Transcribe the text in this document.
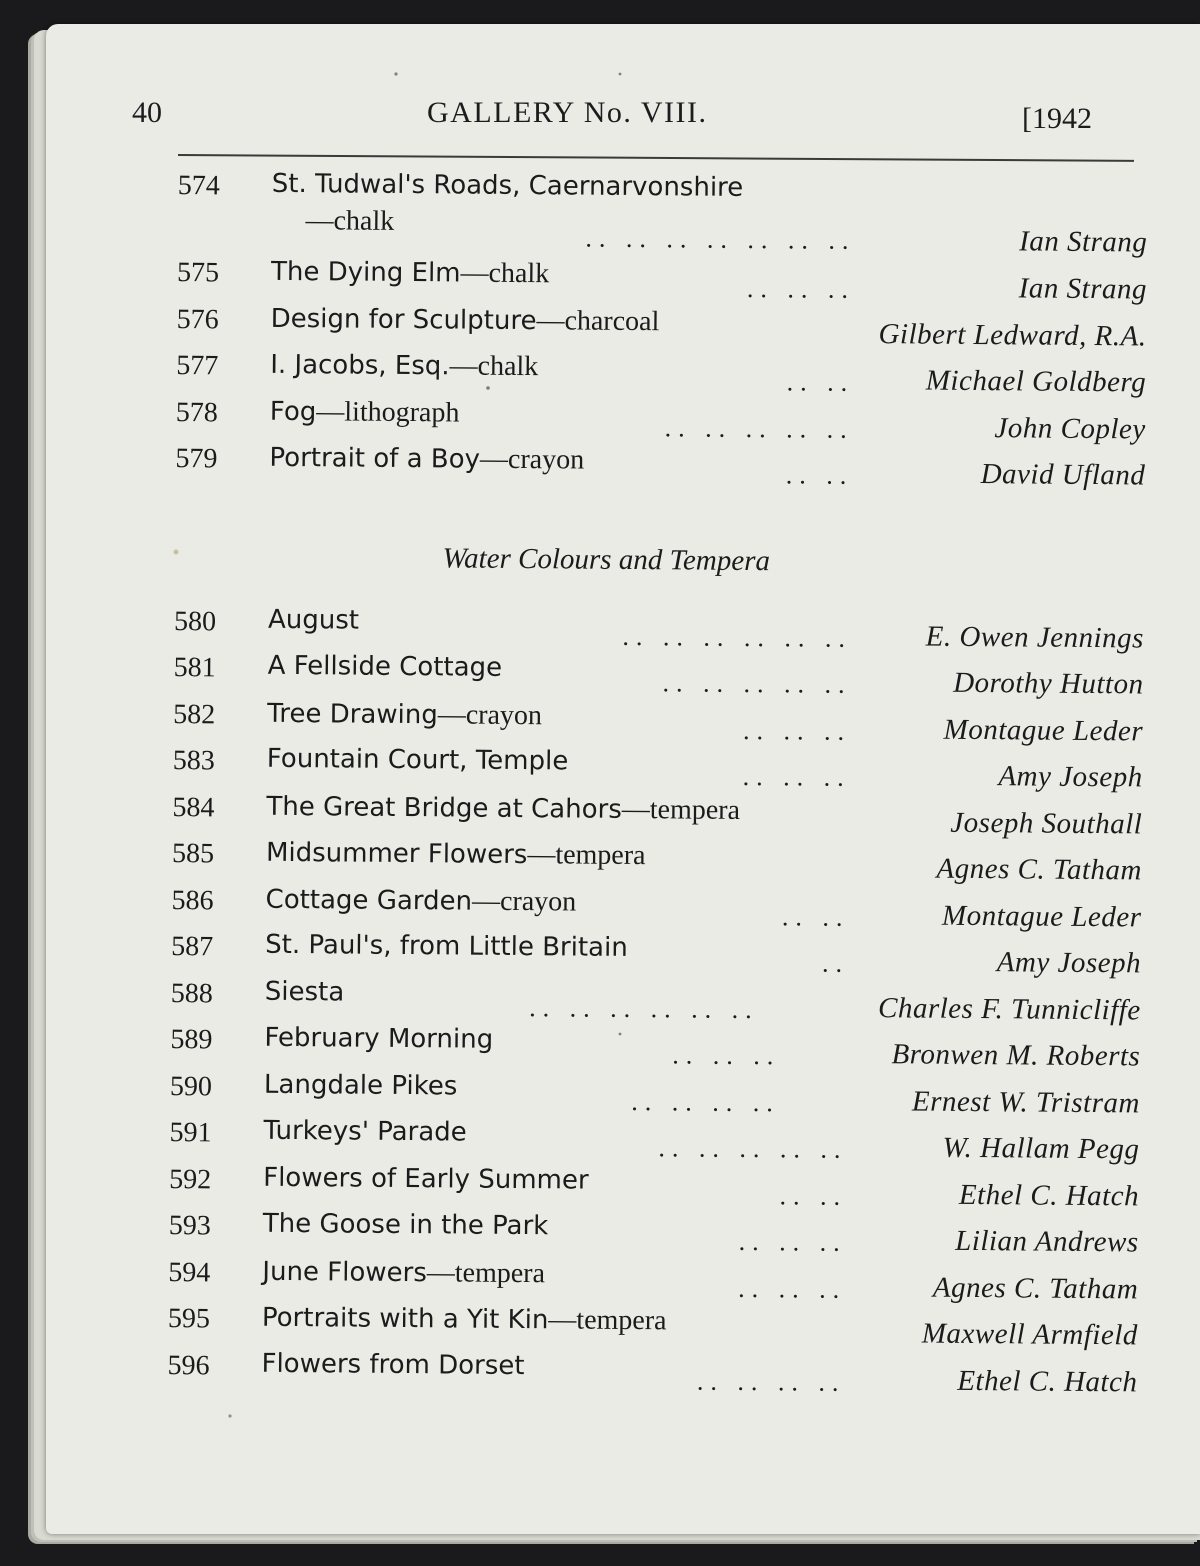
40	GALLERY No. VIII.	[1942
574 St. Tudwal's Roads, Caernarvonshire
—chalk
.. .. .. .. .. .. ..	Ian Strang
575 The Dying Elm—chalk	.. .. ..	Ian Strang
576 Design for Sculpture—charcoal	Gilbert Ledward, R.A.
577 I. Jacobs, Esq.—chalk	.. .. Michael Goldberg
578 Fog—lithograph
.. .. .. .. ..	John Copley
579 Portrait of a Boy—crayon	.. ..	David Ufland
Water Colours and Tempera
580 August
.. .. .. .. .. ..	E. Owen Jennings
581 A Fellside Cottage
.. .. .. .. ..	Dorothy Hutton
582 Tree Drawing—crayon	.. .. ..	Montague Leder
583 Fountain Court, Temple
.. .. ..	Amy Joseph
584 The Great Bridge at Cahors—tempera	Joseph Southall
585 Midsummer Flowers—tempera	Agnes C. Tatham
586 Cottage Garden—crayon	.. ..	Montague Leder
587 St. Paul's, from Little Britain
..	Amy Joseph
588 Siesta
.. .. .. .. .. ..	Charles F. Tunnicliffe
589 February Morning
.. .. ..	Bronwen M. Roberts
590 Langdale Pikes
.. .. .. ..	Ernest W. Tristram
591 Turkeys' Parade
.. .. .. .. ..	W. Hallam Pegg
592 Flowers of Early Summer
.. ..	Ethel C. Hatch
593 The Goose in the Park
.. .. ..	Lilian Andrews
594 June Flowers—tempera	.. .. ..	Agnes C. Tatham
595 Portraits with a Yit Kin—tempera	Maxwell Armfield
596 Flowers from Dorset
.. .. .. ..	Ethel C. Hatch
